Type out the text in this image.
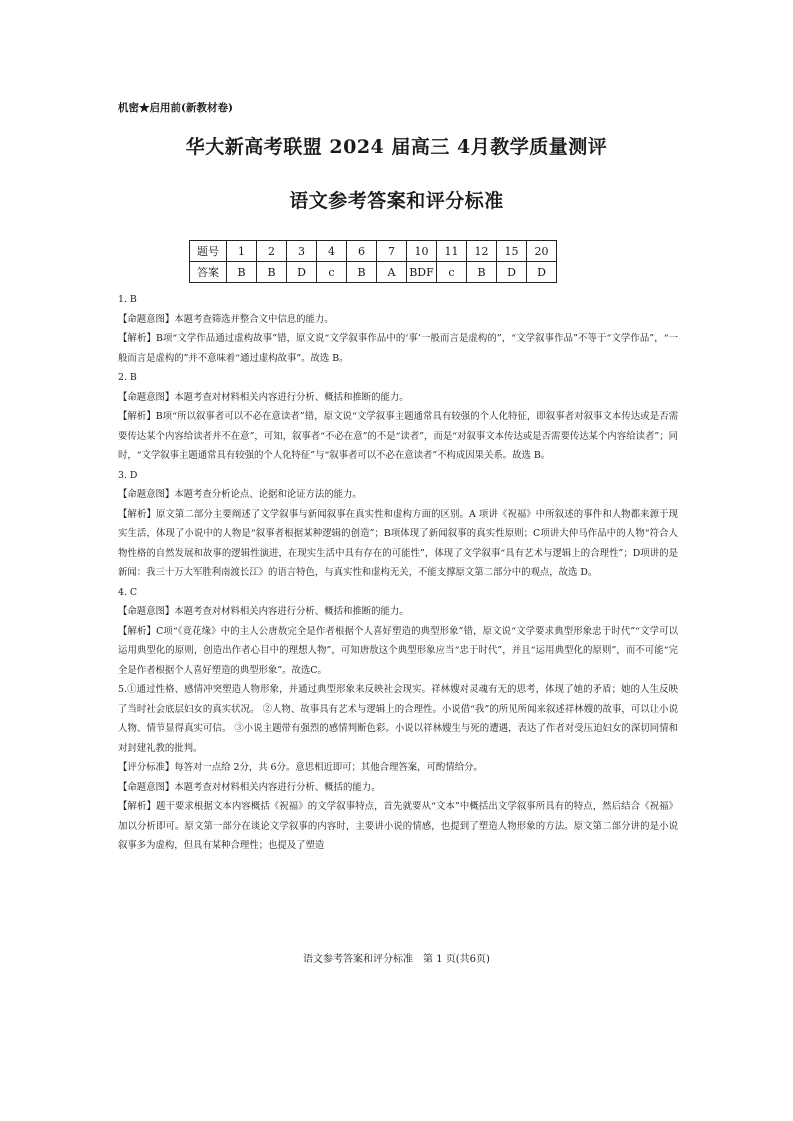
机密★启用前(新教材卷)
华大新高考联盟 2024 届高三 4月教学质量测评
语文参考答案和评分标准
题号	1	2	3	4	6	7	10	11	12	15	20
答案	B	B	D	c	B	A	BDF	c	B	D	D

1. B

【命题意图】本题考查筛选并整合文中信息的能力。

【解析】B项“文学作品通过虚构故事”错，原文说“文学叙事作品中的‘事’一般而言是虚构的”，“文学叙事作品”不等于“文学作品”，“一般而言是虚构的”并不意味着“通过虚构故事”。故选 B。

2. B

【命题意图】本题考查对材料相关内容进行分析、概括和推断的能力。

【解析】B项“所以叙事者可以不必在意读者”错，原文说“文学叙事主题通常具有较强的个人化特征，即叙事者对叙事文本传达或是否需要传达某个内容给读者并不在意”，可知，叙事者“不必在意”的不是“读者”，而是“对叙事文本传达或是否需要传达某个内容给读者”；同时，“文学叙事主题通常具有较强的个人化特征”与“叙事者可以不必在意读者”不构成因果关系。故选 B。

3. D

【命题意图】本题考查分析论点、论据和论证方法的能力。

【解析】原文第二部分主要阐述了文学叙事与新闻叙事在真实性和虚构方面的区别。A 项讲《祝福》中所叙述的事件和人物都来源于现实生活，体现了小说中的人物是“叙事者根据某种逻辑的创造”；B项体现了新闻叙事的真实性原则；C项讲大仲马作品中的人物“符合人物性格的自然发展和故事的逻辑性演进，在现实生活中具有存在的可能性”，体现了文学叙事“具有艺术与逻辑上的合理性”；D项讲的是新闻：我三十万大军胜利南渡长江》的语言特色，与真实性和虚构无关，不能支撑原文第二部分中的观点，故选 D。

4. C

【命题意图】本题考查对材料相关内容进行分析、概括和推断的能力。

【解析】C项“《竟花缘》中的主人公唐敖完全是作者根据个人喜好塑造的典型形象”错，原文说“文学要求典型形象忠于时代”“文学可以运用典型化的原则，创造出作者心目中的理想人物”，可知唐敖这个典型形象应当“忠于时代”，并且“运用典型化的原则”，而不可能“完全是作者根据个人喜好塑造的典型形象”。故选C。

5.①通过性格、感情冲突塑造人物形象，并通过典型形象来反映社会现实。祥林嫂对灵魂有无的思考，体现了她的矛盾；她的人生反映了当时社会底层妇女的真实状况。 ②人物、故事具有艺术与逻辑上的合理性。小说借“我”的所见所闻来叙述祥林嫂的故事，可以让小说人物、情节显得真实可信。 ③小说主题带有强烈的感情判断色彩。小说以祥林嫂生与死的遭遇，表达了作者对受压迫妇女的深切同情和对封建礼教的批判。

【评分标准】每答对一点给 2分，共 6分。意思相近即可；其他合理答案，可酌情给分。

【命题意图】本题考查对材料相关内容进行分析、概括的能力。

【解析】题干要求根据文本内容概括《祝福》的文学叙事特点，首先就要从“文本”中概括出文学叙事所具有的特点，然后结合《祝福》加以分析即可。原文第一部分在谈论文学叙事的内容时，主要讲小说的情感，也提到了塑造人物形象的方法。原文第二部分讲的是小说叙事多为虚构，但具有某种合理性；也提及了塑造

语文参考答案和评分标准　第 1 页(共6页)
